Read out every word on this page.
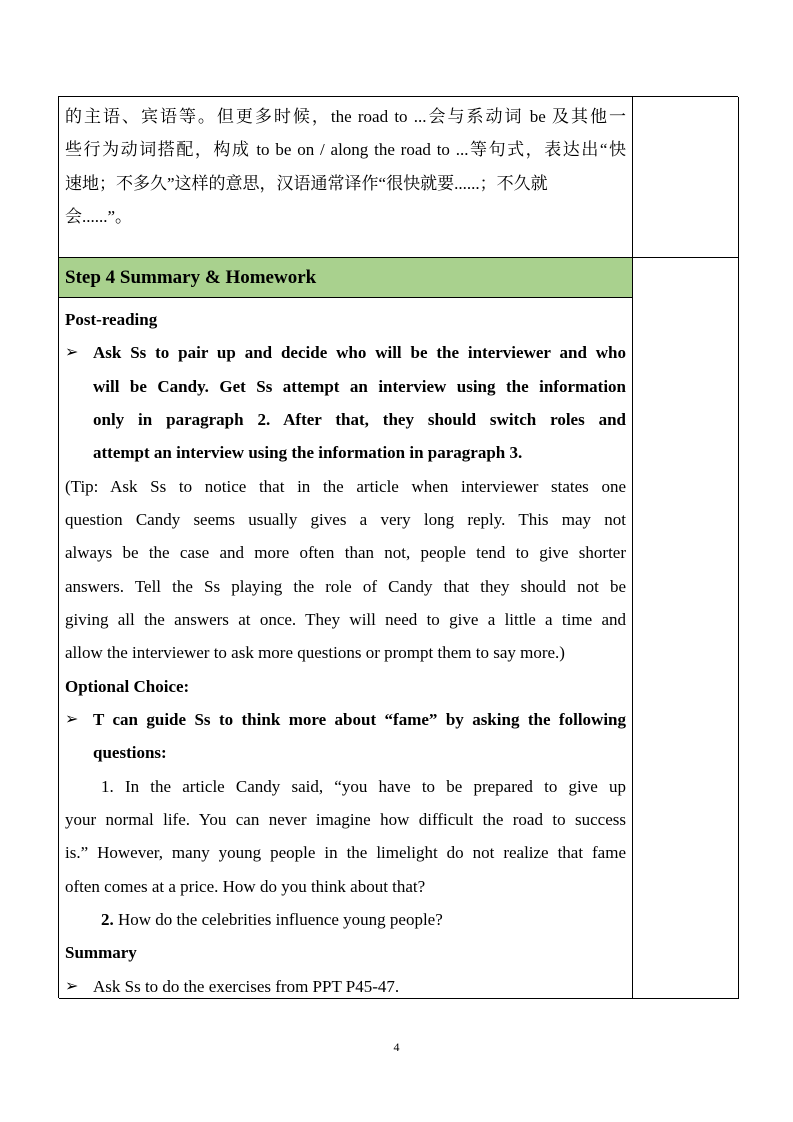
的主语、宾语等。但更多时候，the road to ...会与系动词 be 及其他一
些行为动词搭配，构成 to be on / along the road to ...等句式，表达出“快
速地；不多久”这样的意思，汉语通常译作“很快就要......；不久就
会......”。
Step 4 Summary & Homework
Post-reading
➢ Ask Ss to pair up and decide who will be the interviewer and who
will be Candy. Get Ss attempt an interview using the information
only in paragraph 2. After that, they should switch roles and
attempt an interview using the information in paragraph 3.
(Tip: Ask Ss to notice that in the article when interviewer states one
question Candy seems usually gives a very long reply. This may not
always be the case and more often than not, people tend to give shorter
answers. Tell the Ss playing the role of Candy that they should not be
giving all the answers at once. They will need to give a little a time and
allow the interviewer to ask more questions or prompt them to say more.)
Optional Choice:
➢ T can guide Ss to think more about “fame” by asking the following
questions:
1. In the article Candy said, “you have to be prepared to give up
your normal life. You can never imagine how difficult the road to success
is.” However, many young people in the limelight do not realize that fame
often comes at a price. How do you think about that?
2. How do the celebrities influence young people?
Summary
➢ Ask Ss to do the exercises from PPT P45-47.
4
